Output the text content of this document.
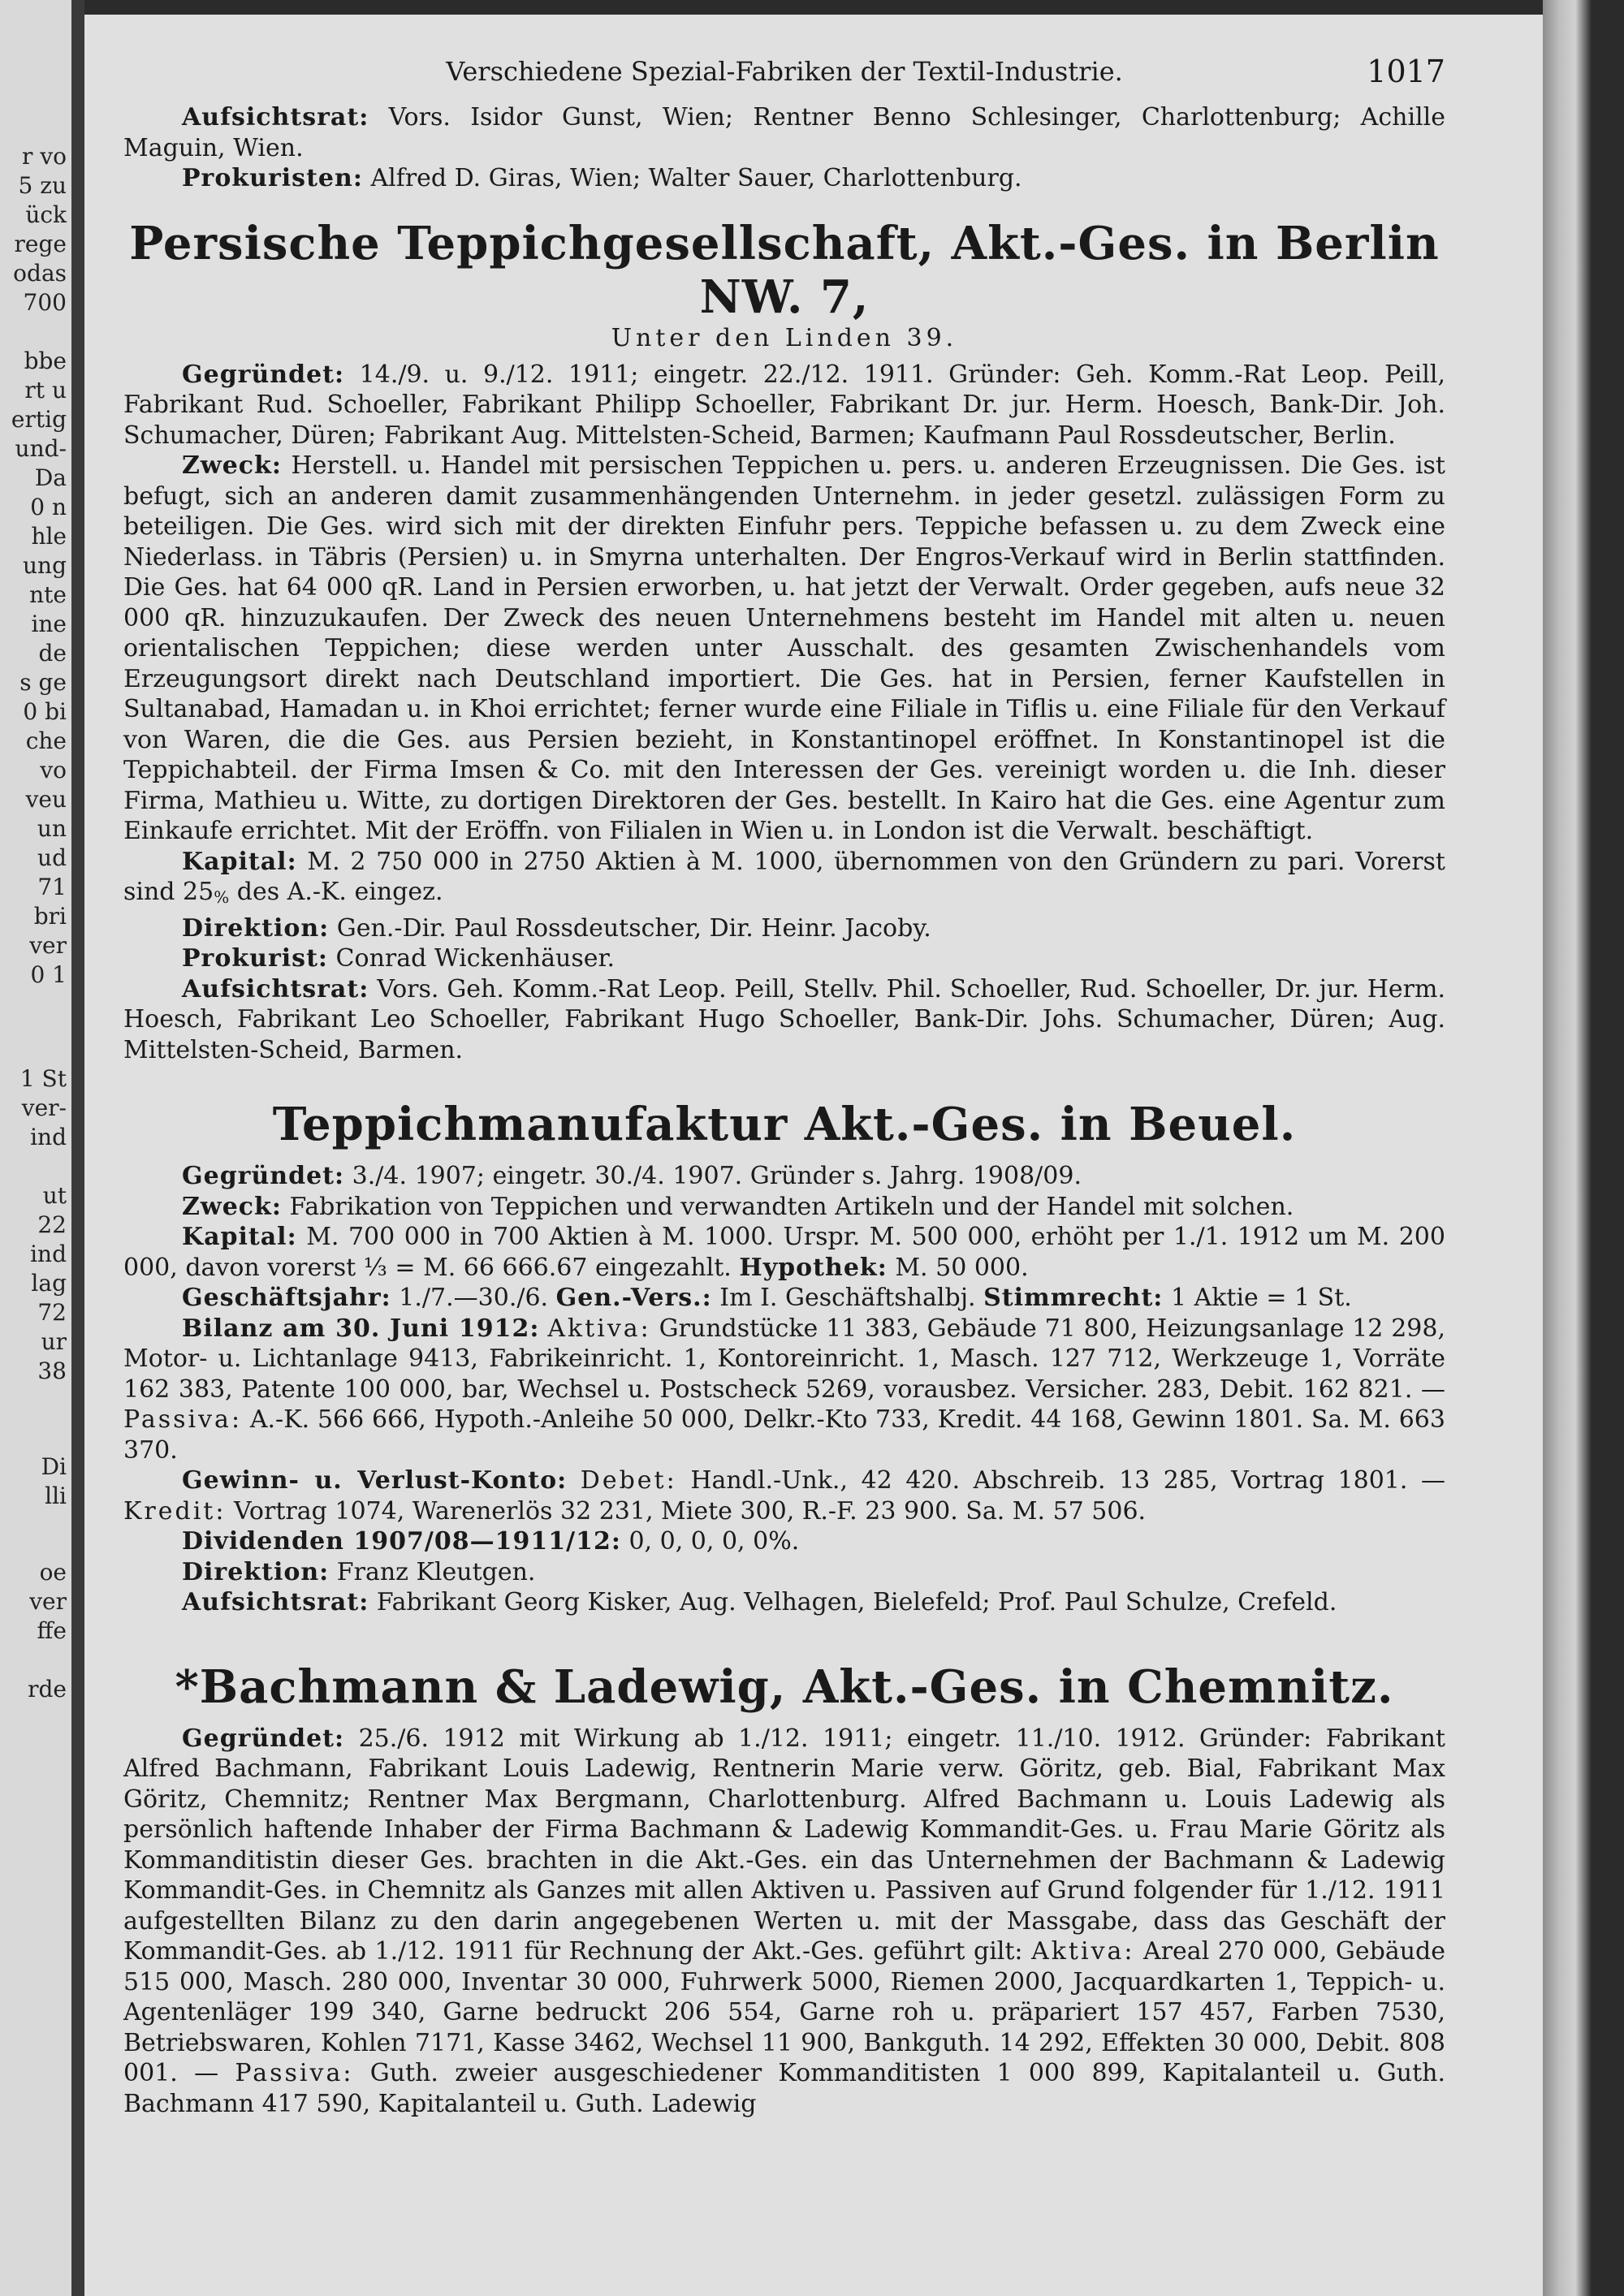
r vo
5 zu
ück
rege
odas
700
bbe
rt u
ertig
und-
Da
0 n
hle
ung
nte
ine
de
s ge
0 bi
che
vo
veu
un
ud
71
bri
ver
0 1
1 St
ver-
ind
ut
22
ind
lag
72
ur
38
Di
lli
oe
ver
ffe
rde
Verschiedene Spezial-Fabriken der Textil-Industrie.	1017

Aufsichtsrat: Vors. Isidor Gunst, Wien; Rentner Benno Schlesinger, Charlottenburg; Achille Maguin, Wien.

Prokuristen: Alfred D. Giras, Wien; Walter Sauer, Charlottenburg.

Persische Teppichgesellschaft, Akt.-Ges. in Berlin NW. 7,
Unter den Linden 39.

Gegründet: 14./9. u. 9./12. 1911; eingetr. 22./12. 1911. Gründer: Geh. Komm.-Rat Leop. Peill, Fabrikant Rud. Schoeller, Fabrikant Philipp Schoeller, Fabrikant Dr. jur. Herm. Hoesch, Bank-Dir. Joh. Schumacher, Düren; Fabrikant Aug. Mittelsten-Scheid, Barmen; Kaufmann Paul Rossdeutscher, Berlin.

Zweck: Herstell. u. Handel mit persischen Teppichen u. pers. u. anderen Erzeugnissen. Die Ges. ist befugt, sich an anderen damit zusammenhängenden Unternehm. in jeder gesetzl. zulässigen Form zu beteiligen. Die Ges. wird sich mit der direkten Einfuhr pers. Teppiche befassen u. zu dem Zweck eine Niederlass. in Täbris (Persien) u. in Smyrna unterhalten. Der Engros-Verkauf wird in Berlin stattfinden. Die Ges. hat 64 000 qR. Land in Persien erworben, u. hat jetzt der Verwalt. Order gegeben, aufs neue 32 000 qR. hinzuzukaufen. Der Zweck des neuen Unternehmens besteht im Handel mit alten u. neuen orientalischen Teppichen; diese werden unter Ausschalt. des gesamten Zwischenhandels vom Erzeugungsort direkt nach Deutschland importiert. Die Ges. hat in Persien, ferner Kaufstellen in Sultanabad, Hamadan u. in Khoi errichtet; ferner wurde eine Filiale in Tiflis u. eine Filiale für den Verkauf von Waren, die die Ges. aus Persien bezieht, in Konstantinopel eröffnet. In Konstantinopel ist die Teppichabteil. der Firma Imsen & Co. mit den Interessen der Ges. vereinigt worden u. die Inh. dieser Firma, Mathieu u. Witte, zu dortigen Direktoren der Ges. bestellt. In Kairo hat die Ges. eine Agentur zum Einkaufe errichtet. Mit der Eröffn. von Filialen in Wien u. in London ist die Verwalt. beschäftigt.

Kapital: M. 2 750 000 in 2750 Aktien à M. 1000, übernommen von den Gründern zu pari. Vorerst sind 25% des A.-K. eingez.

Direktion: Gen.-Dir. Paul Rossdeutscher, Dir. Heinr. Jacoby.

Prokurist: Conrad Wickenhäuser.

Aufsichtsrat: Vors. Geh. Komm.-Rat Leop. Peill, Stellv. Phil. Schoeller, Rud. Schoeller, Dr. jur. Herm. Hoesch, Fabrikant Leo Schoeller, Fabrikant Hugo Schoeller, Bank-Dir. Johs. Schumacher, Düren; Aug. Mittelsten-Scheid, Barmen.

Teppichmanufaktur Akt.-Ges. in Beuel.

Gegründet: 3./4. 1907; eingetr. 30./4. 1907. Gründer s. Jahrg. 1908/09.

Zweck: Fabrikation von Teppichen und verwandten Artikeln und der Handel mit solchen.

Kapital: M. 700 000 in 700 Aktien à M. 1000. Urspr. M. 500 000, erhöht per 1./1. 1912 um M. 200 000, davon vorerst ⅓ = M. 66 666.67 eingezahlt. Hypothek: M. 50 000.

Geschäftsjahr: 1./7.—30./6. Gen.-Vers.: Im I. Geschäftshalbj. Stimmrecht: 1 Aktie = 1 St.

Bilanz am 30. Juni 1912: Aktiva: Grundstücke 11 383, Gebäude 71 800, Heizungsanlage 12 298, Motor- u. Lichtanlage 9413, Fabrikeinricht. 1, Kontoreinricht. 1, Masch. 127 712, Werkzeuge 1, Vorräte 162 383, Patente 100 000, bar, Wechsel u. Postscheck 5269, vorausbez. Versicher. 283, Debit. 162 821. — Passiva: A.-K. 566 666, Hypoth.-Anleihe 50 000, Delkr.-Kto 733, Kredit. 44 168, Gewinn 1801. Sa. M. 663 370.

Gewinn- u. Verlust-Konto: Debet: Handl.-Unk., 42 420. Abschreib. 13 285, Vortrag 1801. — Kredit: Vortrag 1074, Warenerlös 32 231, Miete 300, R.-F. 23 900. Sa. M. 57 506.

Dividenden 1907/08—1911/12: 0, 0, 0, 0, 0%.

Direktion: Franz Kleutgen.

Aufsichtsrat: Fabrikant Georg Kisker, Aug. Velhagen, Bielefeld; Prof. Paul Schulze, Crefeld.

*Bachmann & Ladewig, Akt.-Ges. in Chemnitz.

Gegründet: 25./6. 1912 mit Wirkung ab 1./12. 1911; eingetr. 11./10. 1912. Gründer: Fabrikant Alfred Bachmann, Fabrikant Louis Ladewig, Rentnerin Marie verw. Göritz, geb. Bial, Fabrikant Max Göritz, Chemnitz; Rentner Max Bergmann, Charlottenburg. Alfred Bachmann u. Louis Ladewig als persönlich haftende Inhaber der Firma Bachmann & Ladewig Kommandit-Ges. u. Frau Marie Göritz als Kommanditistin dieser Ges. brachten in die Akt.-Ges. ein das Unternehmen der Bachmann & Ladewig Kommandit-Ges. in Chemnitz als Ganzes mit allen Aktiven u. Passiven auf Grund folgender für 1./12. 1911 aufgestellten Bilanz zu den darin angegebenen Werten u. mit der Massgabe, dass das Geschäft der Kommandit-Ges. ab 1./12. 1911 für Rechnung der Akt.-Ges. geführt gilt: Aktiva: Areal 270 000, Gebäude 515 000, Masch. 280 000, Inventar 30 000, Fuhrwerk 5000, Riemen 2000, Jacquardkarten 1, Teppich- u. Agentenläger 199 340, Garne bedruckt 206 554, Garne roh u. präpariert 157 457, Farben 7530, Betriebswaren, Kohlen 7171, Kasse 3462, Wechsel 11 900, Bankguth. 14 292, Effekten 30 000, Debit. 808 001. — Passiva: Guth. zweier ausgeschiedener Kommanditisten 1 000 899, Kapitalanteil u. Guth. Bachmann 417 590, Kapitalanteil u. Guth. Ladewig
